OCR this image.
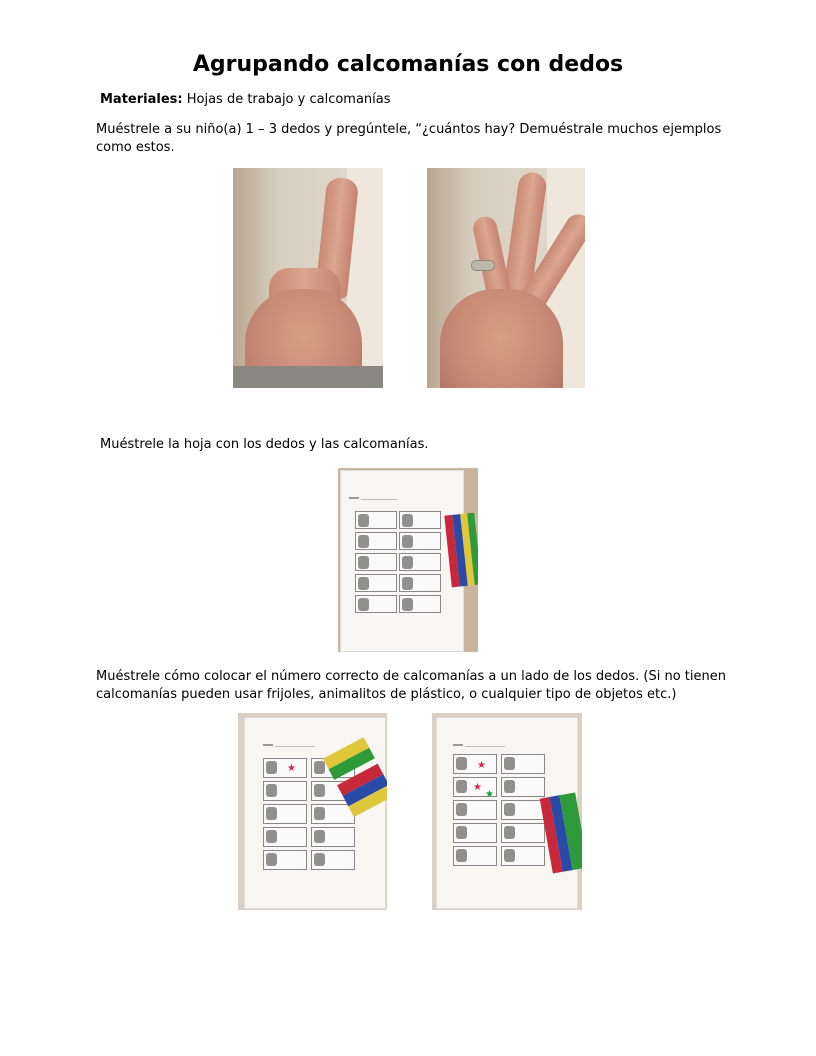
Agrupando calcomanías con dedos
Materiales: Hojas de trabajo y calcomanías
Muéstrele a su niño(a) 1 – 3 dedos y pregúntele, “¿cuántos hay? Demuéstrale muchos ejemplos como estos.
Muéstrele la hoja con los dedos y las calcomanías.
Muéstrele cómo colocar el número correcto de calcomanías a un lado de los dedos. (Si no tienen calcomanías pueden usar frijoles, animalitos de plástico, o cualquier tipo de objetos etc.)
★	★
★
★
